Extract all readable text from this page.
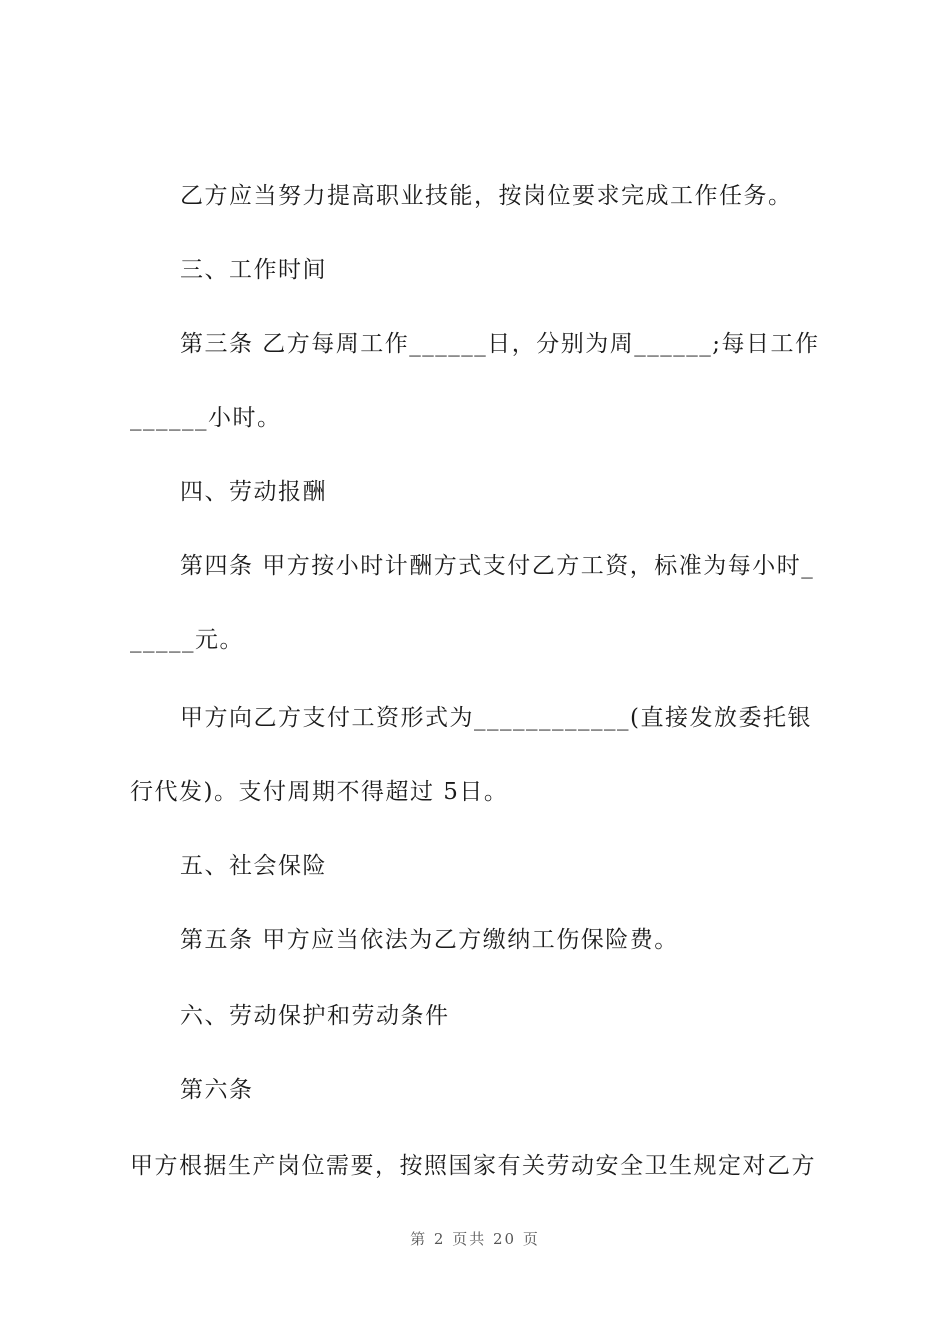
乙方应当努力提高职业技能，按岗位要求完成工作任务。
三、工作时间
第三条 乙方每周工作______日，分别为周______;每日工作
______小时。
四、劳动报酬
第四条 甲方按小时计酬方式支付乙方工资，标准为每小时_
_____元。
甲方向乙方支付工资形式为____________(直接发放委托银
行代发)。支付周期不得超过 5日。
五、社会保险
第五条 甲方应当依法为乙方缴纳工伤保险费。
六、劳动保护和劳动条件
第六条
甲方根据生产岗位需要，按照国家有关劳动安全卫生规定对乙方
第 2 页共 20 页
